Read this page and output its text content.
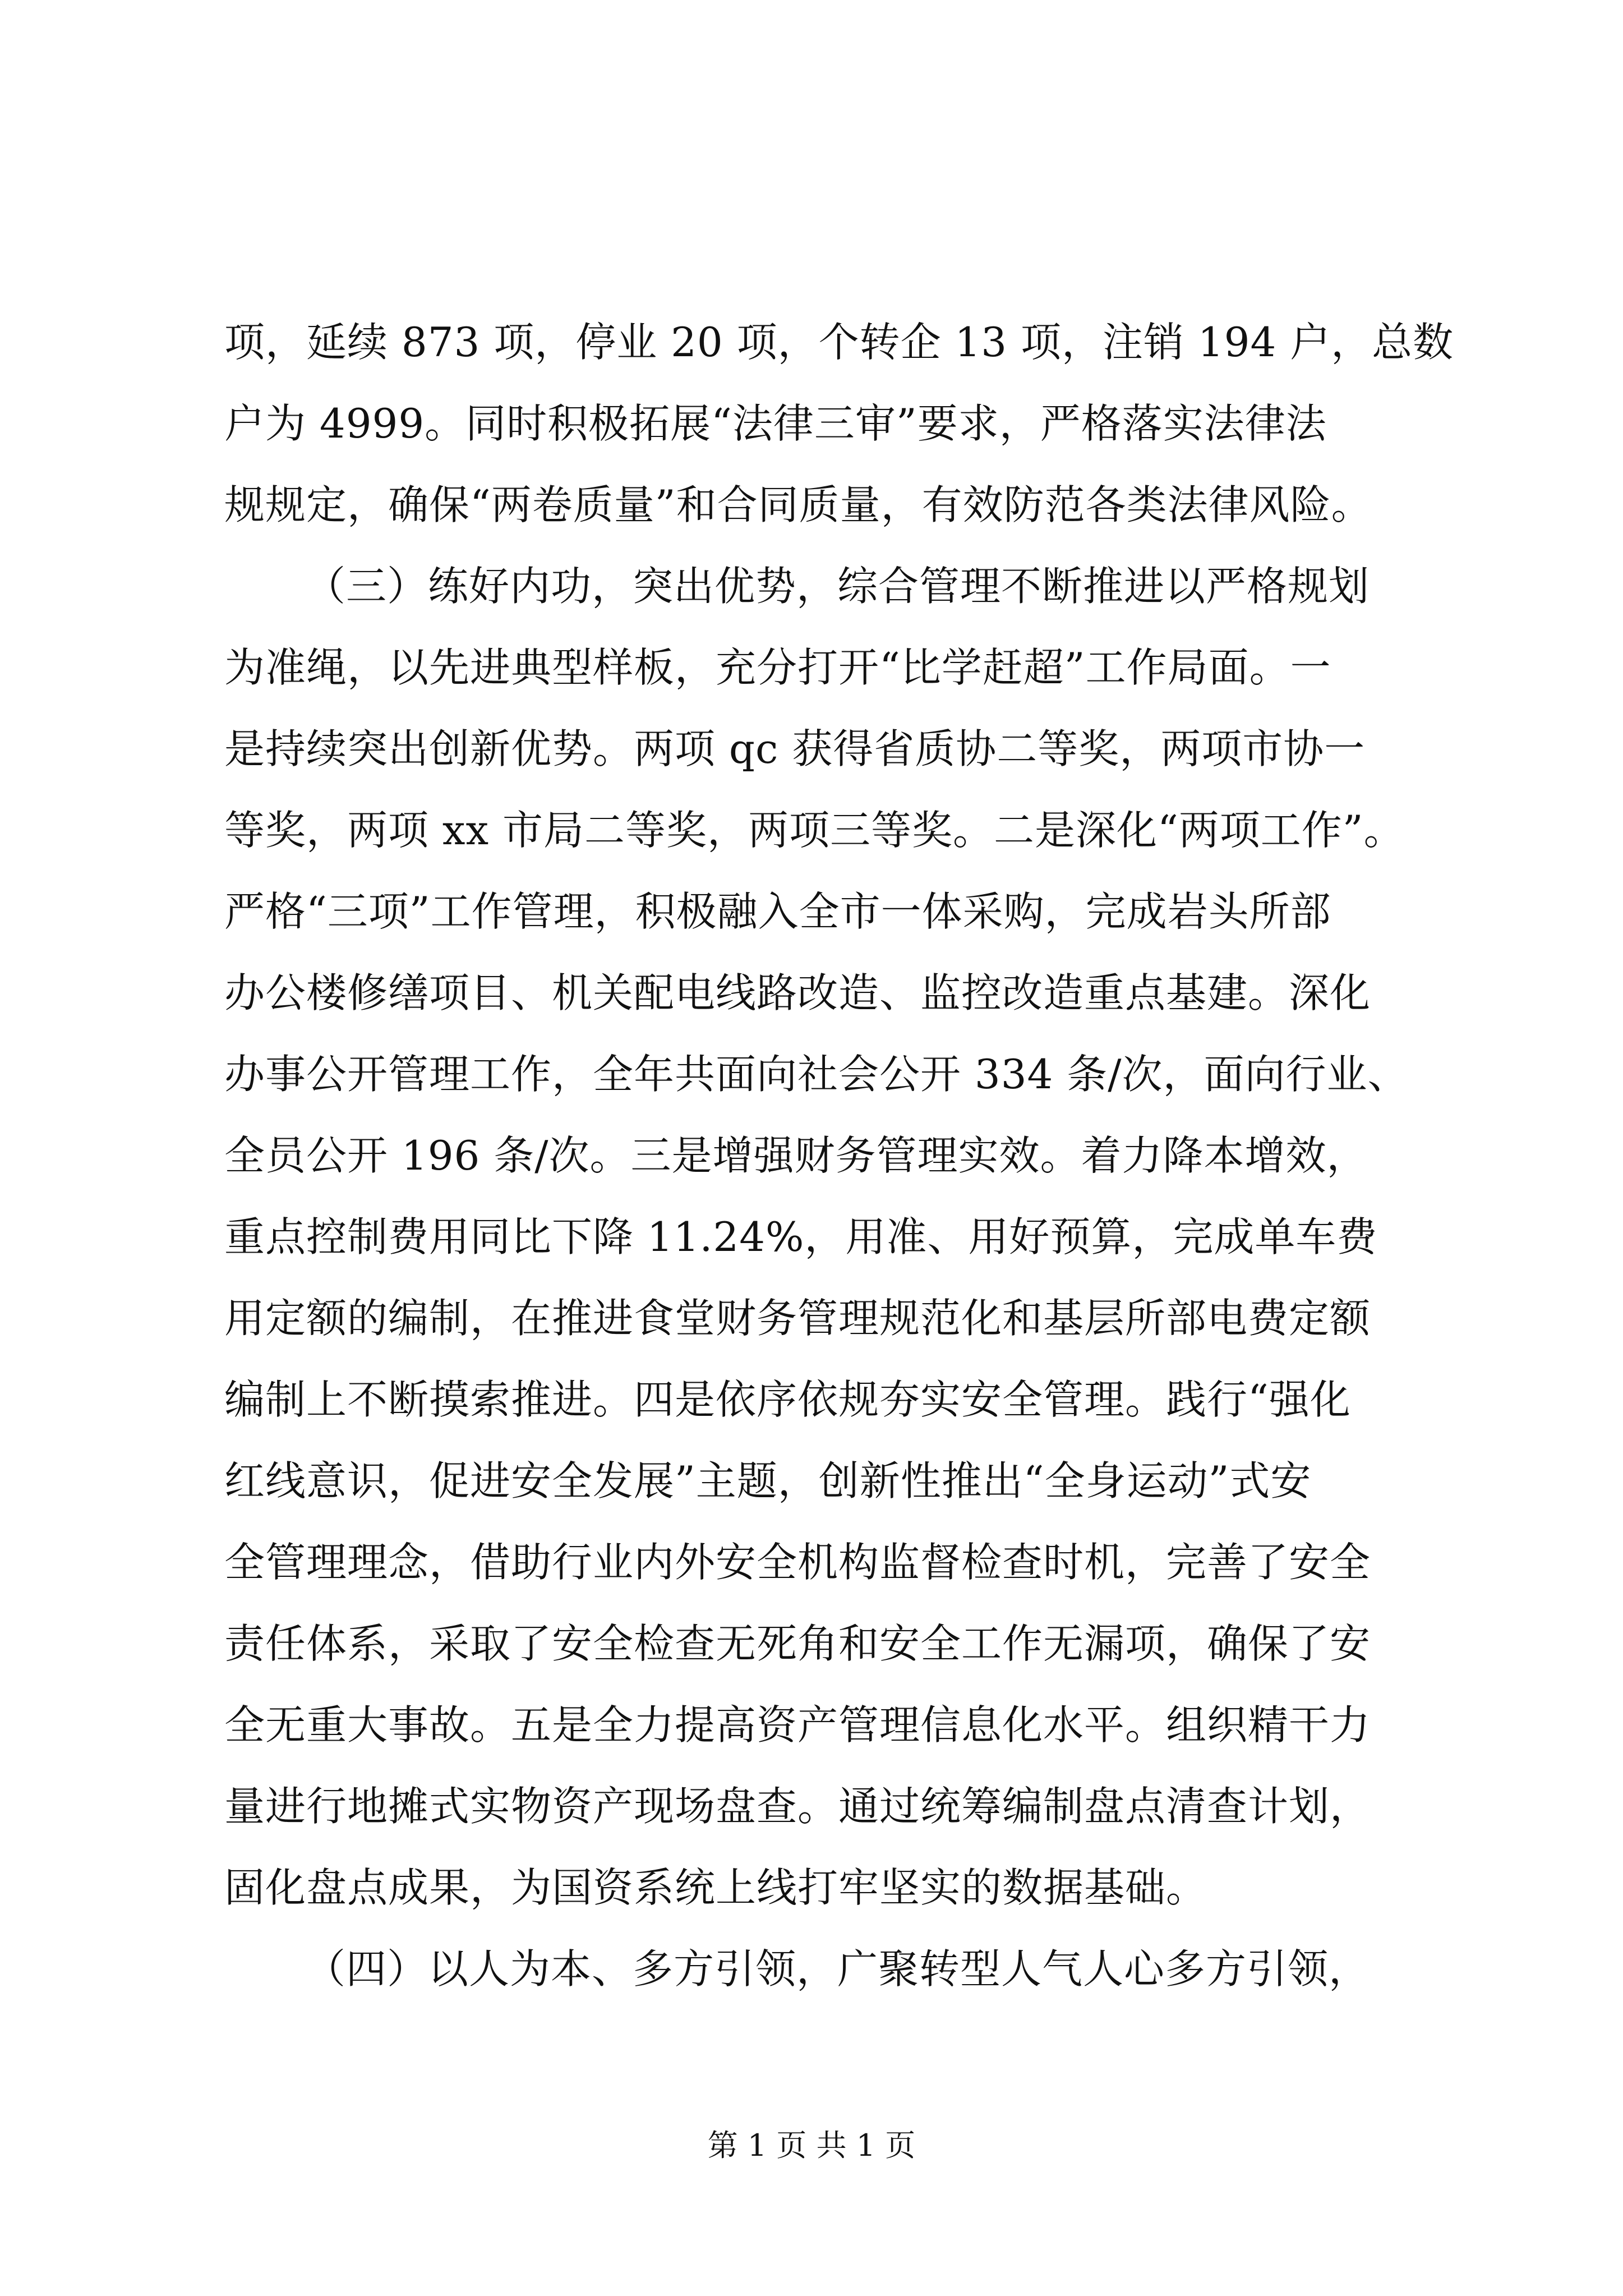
项，延续 873 项，停业 20 项，个转企 13 项，注销 194 户，总数
户为 4999。同时积极拓展“法律三审”要求，严格落实法律法
规规定，确保“两卷质量”和合同质量，有效防范各类法律风险。
（三）练好内功，突出优势，综合管理不断推进以严格规划
为准绳，以先进典型样板，充分打开“比学赶超”工作局面。一
是持续突出创新优势。两项 qc 获得省质协二等奖，两项市协一
等奖，两项 xx 市局二等奖，两项三等奖。二是深化“两项工作”。
严格“三项”工作管理，积极融入全市一体采购，完成岩头所部
办公楼修缮项目、机关配电线路改造、监控改造重点基建。深化
办事公开管理工作，全年共面向社会公开 334 条/次，面向行业、
全员公开 196 条/次。三是增强财务管理实效。着力降本增效，
重点控制费用同比下降 11.24%，用准、用好预算，完成单车费
用定额的编制，在推进食堂财务管理规范化和基层所部电费定额
编制上不断摸索推进。四是依序依规夯实安全管理。践行“强化
红线意识，促进安全发展”主题，创新性推出“全身运动”式安
全管理理念，借助行业内外安全机构监督检查时机，完善了安全
责任体系，采取了安全检查无死角和安全工作无漏项，确保了安
全无重大事故。五是全力提高资产管理信息化水平。组织精干力
量进行地摊式实物资产现场盘查。通过统筹编制盘点清查计划，
固化盘点成果，为国资系统上线打牢坚实的数据基础。
（四）以人为本、多方引领，广聚转型人气人心多方引领，
第 1 页 共 1 页
